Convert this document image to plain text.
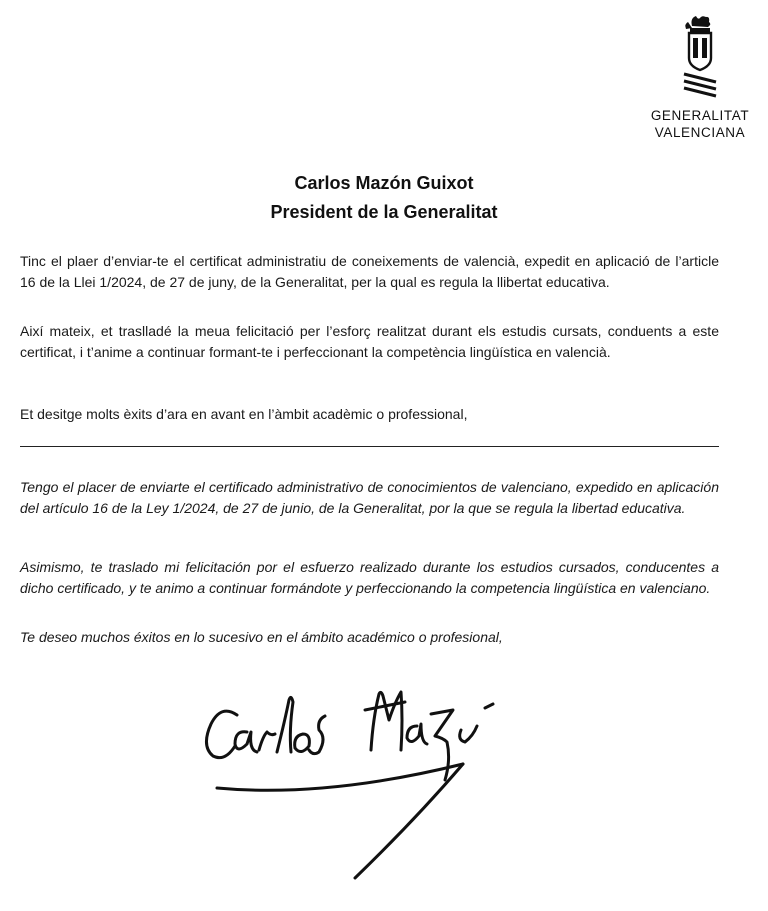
GENERALITAT
VALENCIANA
Carlos Mazón Guixot
President de la Generalitat

Tinc el plaer d’enviar-te el certificat administratiu de coneixements de valencià, expedit en aplicació de l’article 16 de la Llei 1/2024, de 27 de juny, de la Generalitat, per la qual es regula la llibertat educativa.

Així mateix, et traslladé la meua felicitació per l’esforç realitzat durant els estudis cursats, conduents a este certificat, i t’anime a continuar formant-te i perfeccionant la competència lingüística en valencià.

Et desitge molts èxits d’ara en avant en l’àmbit acadèmic o professional,

Tengo el placer de enviarte el certificado administrativo de conocimientos de valenciano, expedido en aplicación del artículo 16 de la Ley 1/2024, de 27 de junio, de la Generalitat, por la que se regula la libertad educativa.

Asimismo, te traslado mi felicitación por el esfuerzo realizado durante los estudios cursados, conducentes a dicho certificado, y te animo a continuar formándote y perfeccionando la competencia lingüística en valenciano.

Te deseo muchos éxitos en lo sucesivo en el ámbito académico o profesional,
